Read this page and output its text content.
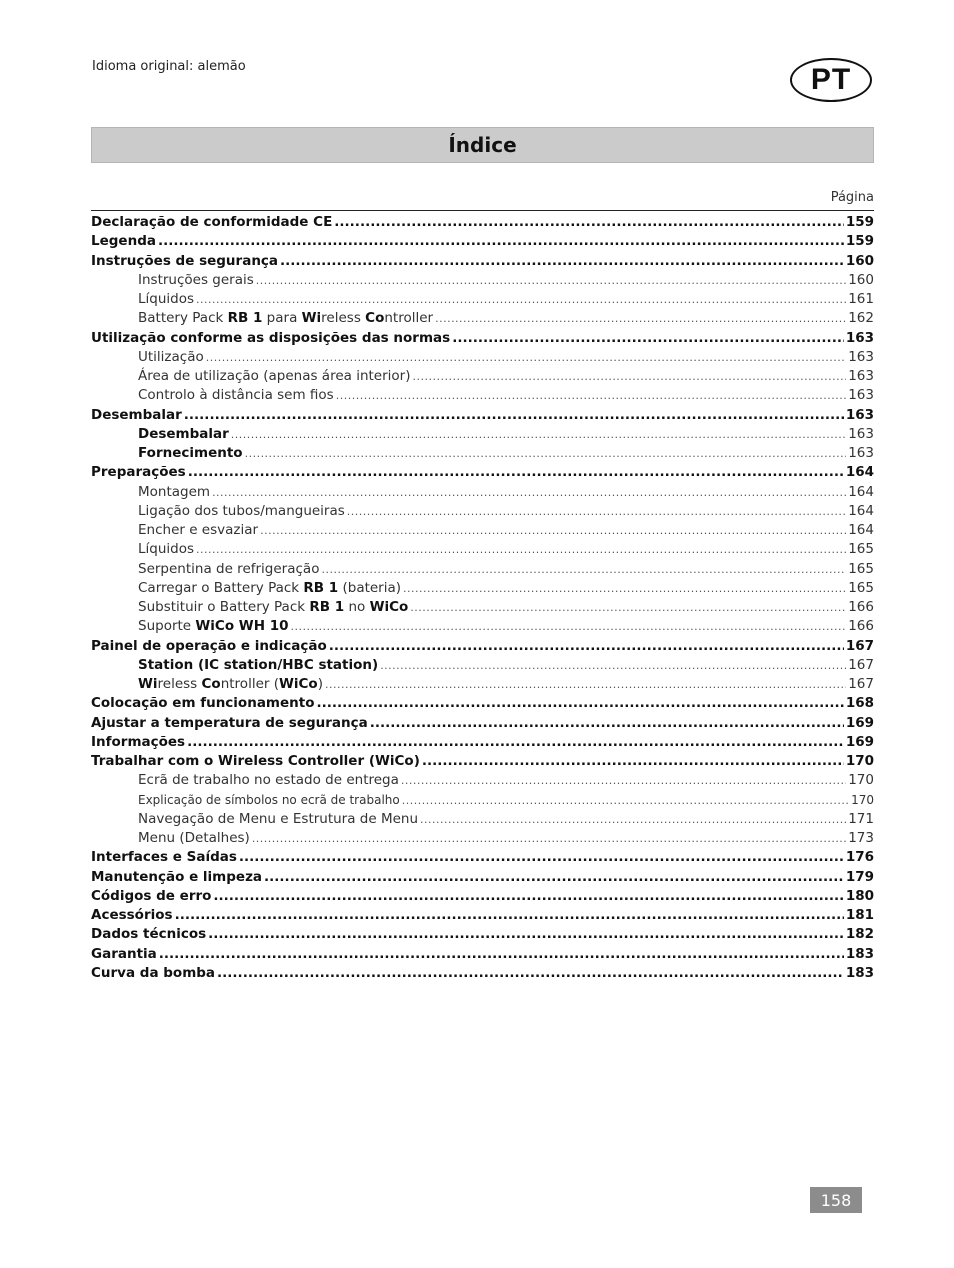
Idioma original: alemão	PT
Índice
Página
Declaração de conformidade CE .....	159
Legenda .....	159
Instruções de segurança .....	160
Instruções gerais .....	160
Líquidos .....	161
Battery Pack RB 1 para Wireless Controller .....	162
Utilização conforme as disposições das normas .....	163
Utilização .....	163
Área de utilização (apenas área interior) .....	163
Controlo à distância sem fios .....	163
Desembalar .....	163
Desembalar .....	163
Fornecimento .....	163
Preparações .....	164
Montagem .....	164
Ligação dos tubos/mangueiras .....	164
Encher e esvaziar .....	164
Líquidos .....	165
Serpentina de refrigeração .....	165
Carregar o Battery Pack RB 1 (bateria) .....	165
Substituir o Battery Pack RB 1 no WiCo .....	166
Suporte WiCo WH 10 .....	166
Painel de operação e indicação .....	167
Station (IC station/HBC station) .....	167
Wireless Controller (WiCo) .....	167
Colocação em funcionamento .....	168
Ajustar a temperatura de segurança .....	169
Informações .....	169
Trabalhar com o Wireless Controller (WiCo) .....	170
Ecrã de trabalho no estado de entrega .....	170
Explicação de símbolos no ecrã de trabalho .....	170
Navegação de Menu e Estrutura de Menu .....	171
Menu (Detalhes) .....	173
Interfaces e Saídas .....	176
Manutenção e limpeza .....	179
Códigos de erro .....	180
Acessórios .....	181
Dados técnicos .....	182
Garantia .....	183
Curva da bomba .....	183
158
